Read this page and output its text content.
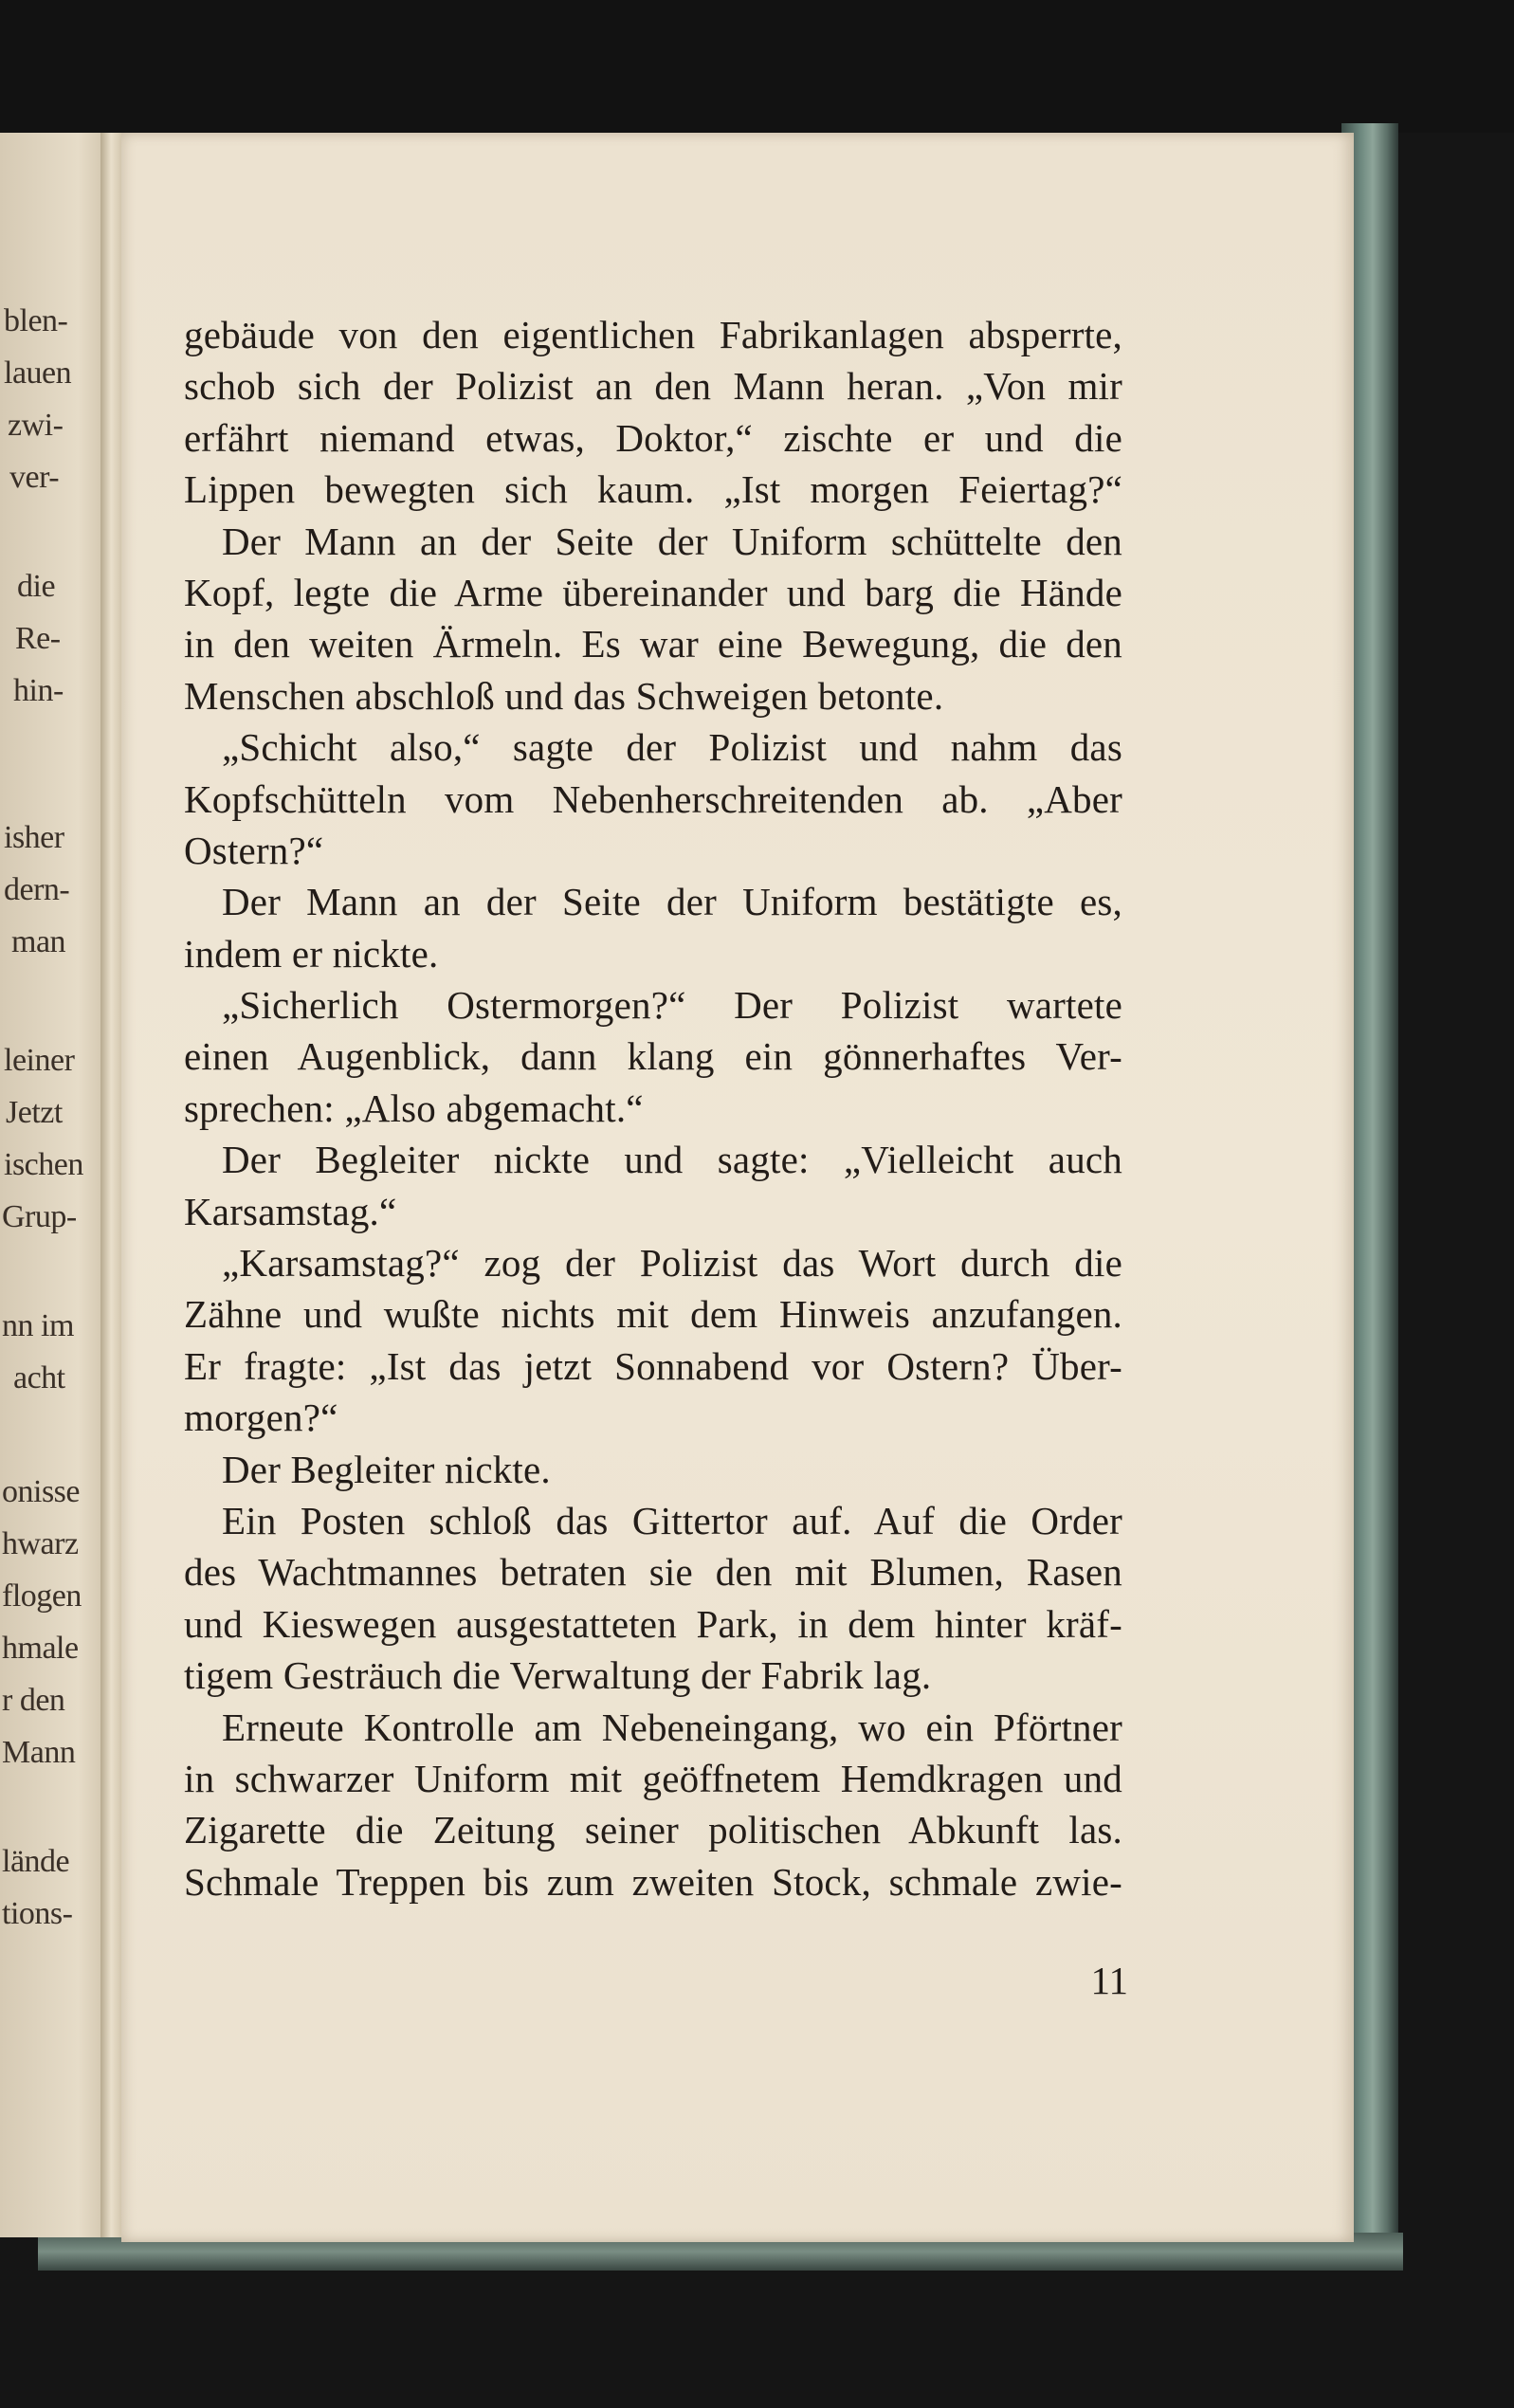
blen-
lauen
zwi-
ver-
die
Re-
hin-
isher
dern-
man
leiner
Jetzt
ischen
Grup-
nn im
acht
onisse
hwarz
flogen
hmale
r den
Mann
lände
tions-
gebäude von den eigentlichen Fabrikanlagen absperrte,
schob sich der Polizist an den Mann heran. „Von mir
erfährt niemand etwas, Doktor,“ zischte er und die
Lippen bewegten sich kaum. „Ist morgen Feiertag?“
Der Mann an der Seite der Uniform schüttelte den
Kopf, legte die Arme übereinander und barg die Hände
in den weiten Ärmeln. Es war eine Bewegung, die den
Menschen abschloß und das Schweigen betonte.
„Schicht also,“ sagte der Polizist und nahm das
Kopfschütteln vom Nebenherschreitenden ab. „Aber
Ostern?“
Der Mann an der Seite der Uniform bestätigte es,
indem er nickte.
„Sicherlich Ostermorgen?“ Der Polizist wartete
einen Augenblick, dann klang ein gönnerhaftes Ver-
sprechen: „Also abgemacht.“
Der Begleiter nickte und sagte: „Vielleicht auch
Karsamstag.“
„Karsamstag?“ zog der Polizist das Wort durch die
Zähne und wußte nichts mit dem Hinweis anzufangen.
Er fragte: „Ist das jetzt Sonnabend vor Ostern? Über-
morgen?“
Der Begleiter nickte.
Ein Posten schloß das Gittertor auf. Auf die Order
des Wachtmannes betraten sie den mit Blumen, Rasen
und Kieswegen ausgestatteten Park, in dem hinter kräf-
tigem Gesträuch die Verwaltung der Fabrik lag.
Erneute Kontrolle am Nebeneingang, wo ein Pförtner
in schwarzer Uniform mit geöffnetem Hemdkragen und
Zigarette die Zeitung seiner politischen Abkunft las.
Schmale Treppen bis zum zweiten Stock, schmale zwie-
11
